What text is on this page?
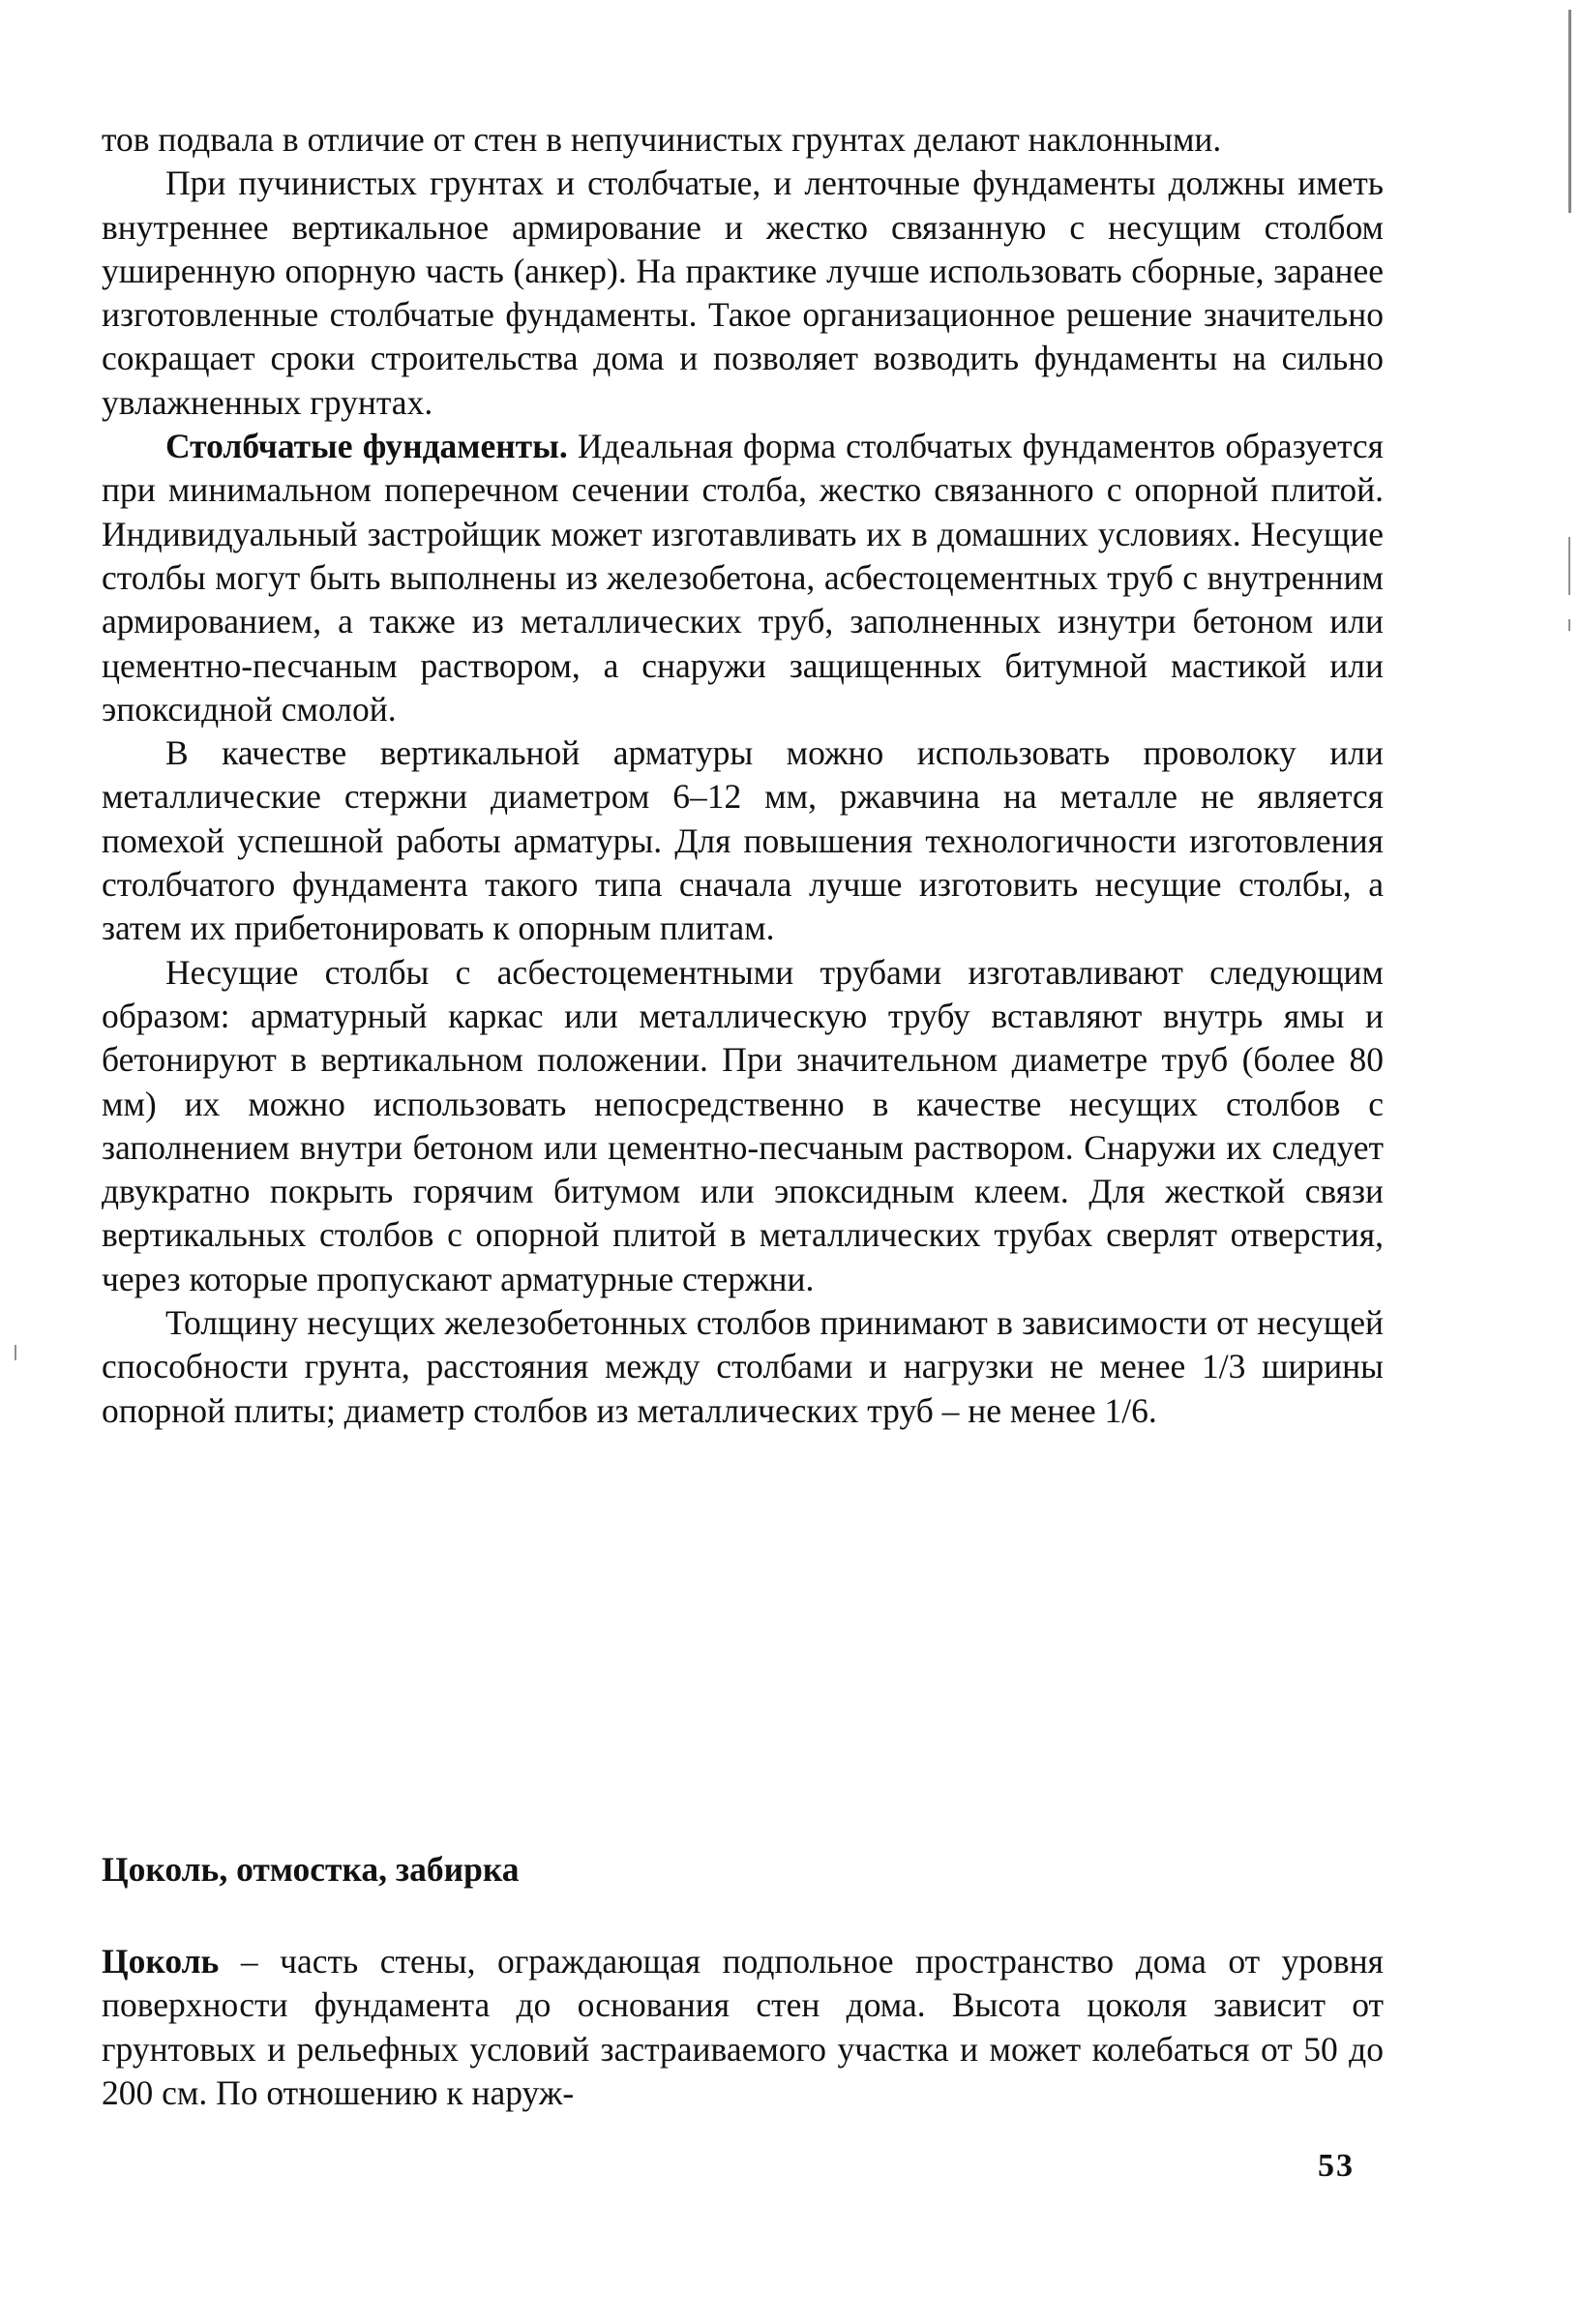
тов подвала в отличие от стен в непучинистых грунтах делают наклонными.

При пучинистых грунтах и столбчатые, и ленточные фундаменты должны иметь внутреннее вертикальное армирование и жестко связанную с несущим столбом уширенную опорную часть (анкер). На практике лучше использовать сборные, заранее изготовленные столбчатые фундаменты. Такое организационное решение значительно сокращает сроки строительства дома и позволяет возводить фундаменты на сильно увлажненных грунтах.

Столбчатые фундаменты. Идеальная форма столбчатых фундаментов образуется при минимальном поперечном сечении столба, жестко связанного с опорной плитой. Индивидуальный застройщик может изготавливать их в домашних условиях. Несущие столбы могут быть выполнены из железобетона, асбестоцементных труб с внутренним армированием, а также из металлических труб, заполненных изнутри бетоном или цементно-песчаным раствором, а снаружи защищенных битумной мастикой или эпоксидной смолой.

В качестве вертикальной арматуры можно использовать проволоку или металлические стержни диаметром 6–12 мм, ржавчина на металле не является помехой успешной работы арматуры. Для повышения технологичности изготовления столбчатого фундамента такого типа сначала лучше изготовить несущие столбы, а затем их прибетонировать к опорным плитам.

Несущие столбы с асбестоцементными трубами изготавливают следующим образом: арматурный каркас или металлическую трубу вставляют внутрь ямы и бетонируют в вертикальном положении. При значительном диаметре труб (более 80 мм) их можно использовать непосредственно в качестве несущих столбов с заполнением внутри бетоном или цементно-песчаным раствором. Снаружи их следует двукратно покрыть горячим битумом или эпоксидным клеем. Для жесткой связи вертикальных столбов с опорной плитой в металлических трубах сверлят отверстия, через которые пропускают арматурные стержни.

Толщину несущих железобетонных столбов принимают в зависимости от несущей способности грунта, расстояния между столбами и нагрузки не менее 1/3 ширины опорной плиты; диаметр столбов из металлических труб – не менее 1/6.

Цоколь, отмостка, забирка

Цоколь – часть стены, ограждающая подпольное пространство дома от уровня поверхности фундамента до основания стен дома. Высота цоколя зависит от грунтовых и рельефных условий застраиваемого участка и может колебаться от 50 до 200 см. По отношению к наруж-

53
